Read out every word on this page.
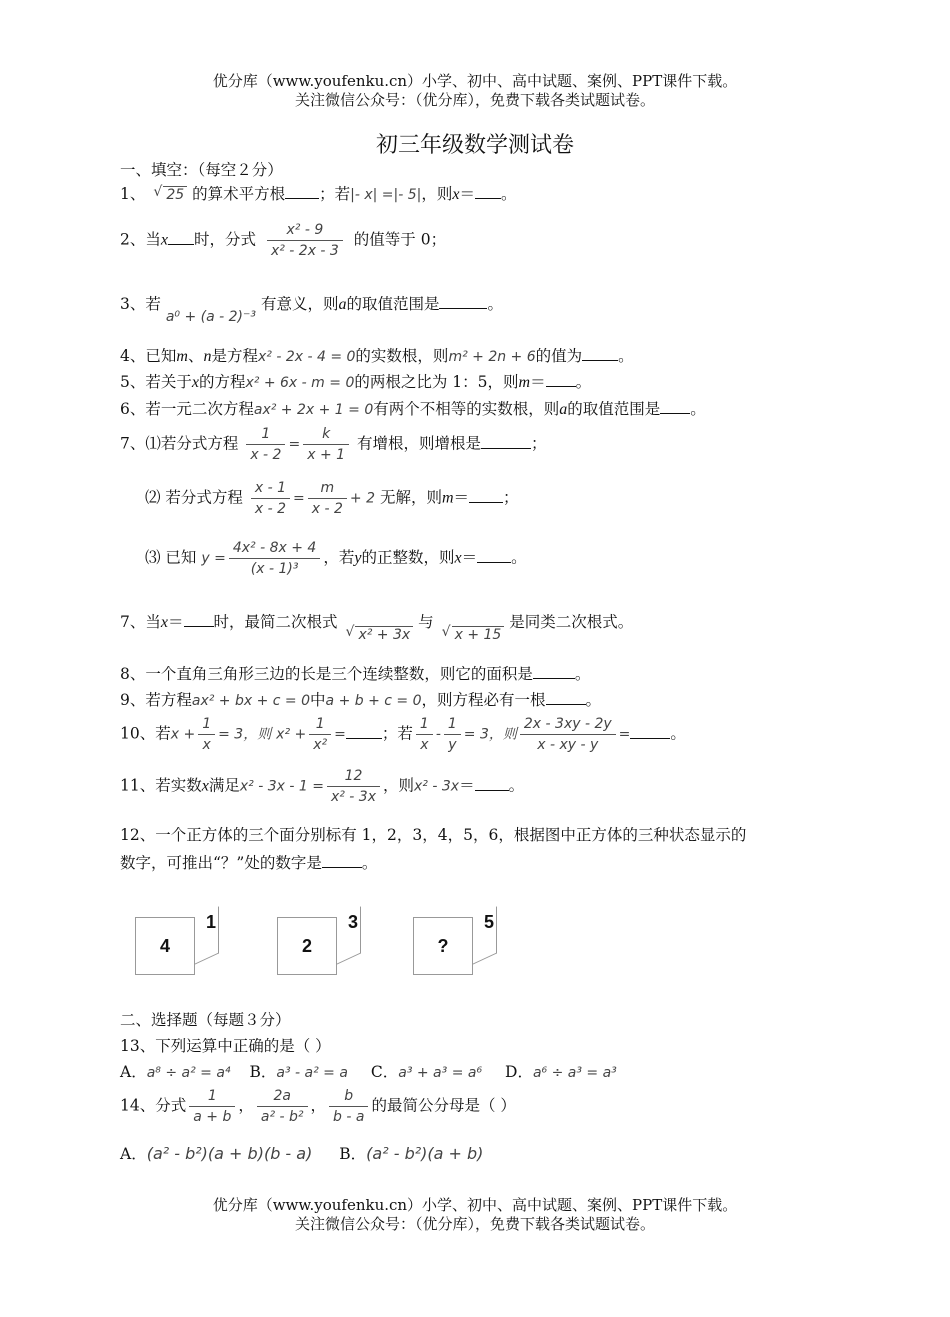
优分库（www.youfenku.cn）小学、初中、高中试题、案例、PPT课件下载。
关注微信公众号：（优分库），免费下载各类试题试卷。
初三年级数学测试卷
一、填空：（每空２分）
1、 √ 25 的算术平方根 ；若|- x| =|- 5|，则x＝ 。
2、当x 时，分式 $\frac{\text{x² - 9}}{\text{x² - 2x - 3}}$ 的值等于 0；
3、若 a⁰ + (a - 2)⁻³ 有意义，则a的取值范围是	。
4、已知m、n是方程x² - 2x - 4 = 0的实数根，则m² + 2n + 6的值为 。
5、若关于x的方程x² + 6x - m = 0的两根之比为 1：5，则m＝ 。
6、若一元二次方程ax² + 2x + 1 = 0有两个不相等的实数根，则a的取值范围是 。
7、⑴若分式方程 $\frac{1}{x - 2} = \frac{k}{x + 1}$ 有增根，则增根是	；
⑵ 若分式方程 $\frac{x - 1}{x - 2} = \frac{m}{x - 2} + 2$ 无解，则m＝ ；
⑶ 已知 $y = \frac{\text{4x² - 8x + 4}}{\text{(x - 1)³}}$ ，若y的正整数，则x＝ 。
7、当x＝ 时，最简二次根式 √ x² + 3x 与 √ x + 15 是同类二次根式。
8、一个直角三角形三边的长是三个连续整数，则它的面积是	。
9、若方程ax² + bx + c = 0中a + b + c = 0，则方程必有一根	。
10、若$x + \frac{1}{x} = 3$，则 $x^2 + \frac{1}{\text{x²}}$ = ；若 $\frac{1}{x} - \frac{1}{y} = 3$，则 $\frac{2x - 3xy - 2y}{x - xy - y}$ =	。
11、若实数x满足$x^2 - 3x - 1 = \frac{12}{\text{x² - 3x}}$ ，则x² - 3x＝ 。
12、一个正方体的三个面分别标有 1，2，3，4，5，6，根据图中正方体的三种状态显示的
数字，可推出“？”处的数字是	。
4
1
2
3
?
5
二、选择题（每题３分）
13、下列运算中正确的是（ ）
A．a⁸ ÷ a² = a⁴ B．a³ - a² = a C．a³ + a³ = a⁶ D．a⁶ ÷ a³ = a³
14、分式 $\frac{1}{a + b}$ ， $\frac{2a}{\text{a² - b²}}$ ， $\frac{b}{b - a}$ 的最简公分母是（ ）
A．(a² - b²)(a + b)(b - a) B．(a² - b²)(a + b)
优分库（www.youfenku.cn）小学、初中、高中试题、案例、PPT课件下载。
关注微信公众号：（优分库），免费下载各类试题试卷。
